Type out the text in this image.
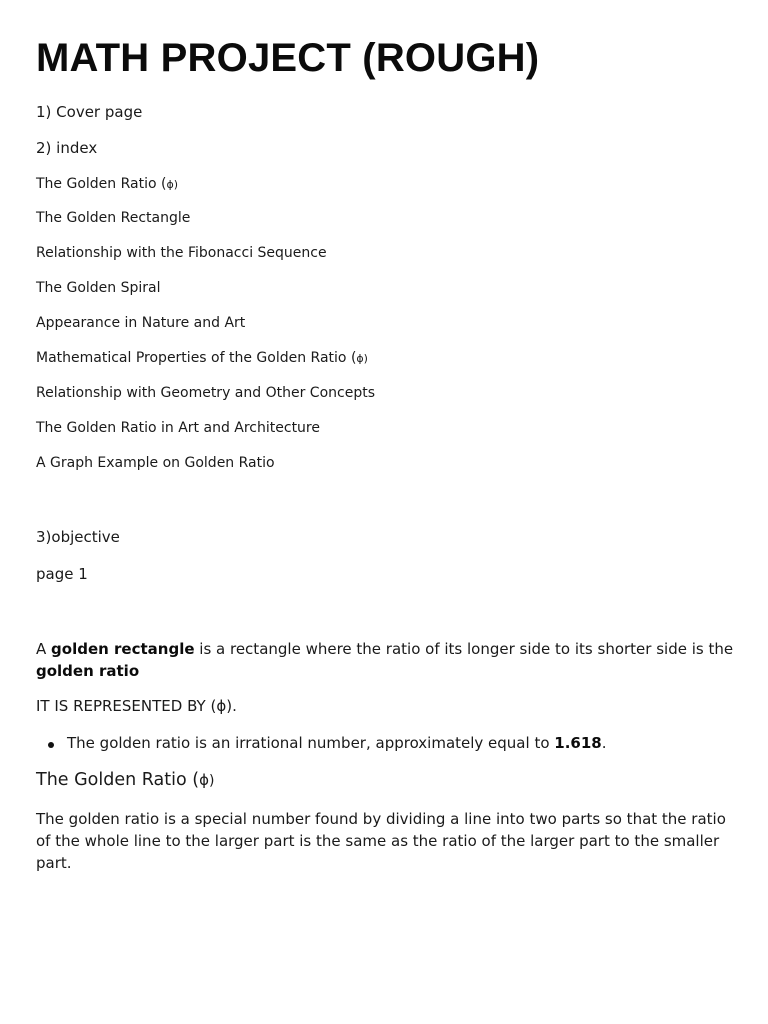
MATH PROJECT (ROUGH)

1) Cover page

2) index

The Golden Ratio (ϕ)

The Golden Rectangle

Relationship with the Fibonacci Sequence

The Golden Spiral

Appearance in Nature and Art

Mathematical Properties of the Golden Ratio (ϕ)

Relationship with Geometry and Other Concepts

The Golden Ratio in Art and Architecture

A Graph Example on Golden Ratio

3)objective

page 1

A golden rectangle is a rectangle where the ratio of its longer side to its shorter side is the
golden ratio

IT IS REPRESENTED BY (ϕ).

The golden ratio is an irrational number, approximately equal to 1.618.
The Golden Ratio (ϕ)

The golden ratio is a special number found by dividing a line into two parts so that the ratio of the whole line to the larger part is the same as the ratio of the larger part to the smaller part.
